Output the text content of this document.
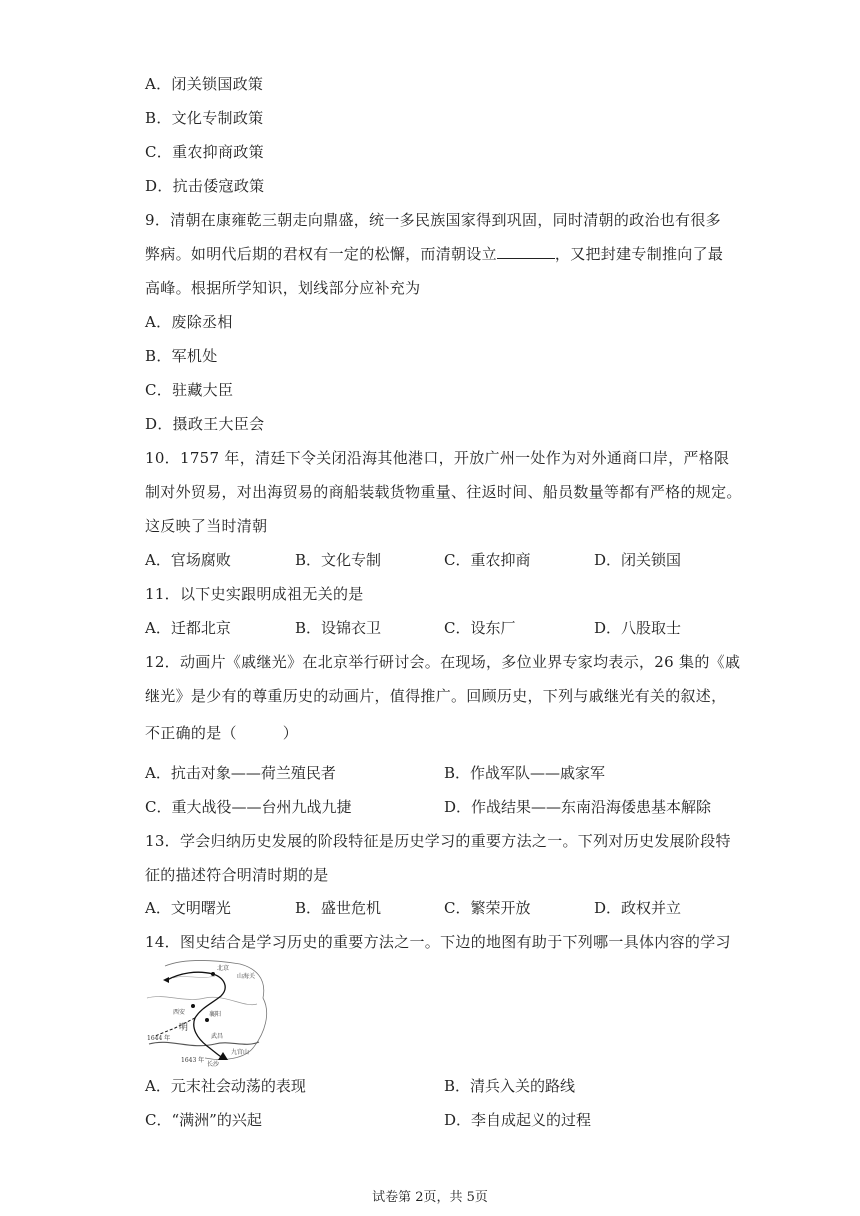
A．闭关锁国政策
B．文化专制政策
C．重农抑商政策
D．抗击倭寇政策
9．清朝在康雍乾三朝走向鼎盛，统一多民族国家得到巩固，同时清朝的政治也有很多
弊病。如明代后期的君权有一定的松懈，而清朝设立	，又把封建专制推向了最
高峰。根据所学知识，划线部分应补充为
A．废除丞相
B．军机处
C．驻藏大臣
D．摄政王大臣会
10．1757 年，清廷下令关闭沿海其他港口，开放广州一处作为对外通商口岸，严格限
制对外贸易，对出海贸易的商船装载货物重量、往返时间、船员数量等都有严格的规定。
这反映了当时清朝
A．官场腐败	B．文化专制	C．重农抑商	D．闭关锁国
11．以下史实跟明成祖无关的是
A．迁都北京	B．设锦衣卫	C．设东厂	D．八股取士
12．动画片《戚继光》在北京举行研讨会。在现场，多位业界专家均表示，26 集的《戚
继光》是少有的尊重历史的动画片，值得推广。回顾历史，下列与戚继光有关的叙述，
不正确的是（　　　）
A．抗击对象——荷兰殖民者	B．作战军队——戚家军
C．重大战役——台州九战九捷	D．作战结果——东南沿海倭患基本解除
13．学会归纳历史发展的阶段特征是历史学习的重要方法之一。下列对历史发展阶段特
征的描述符合明清时期的是
A．文明曙光	B．盛世危机	C．繁荣开放	D．政权并立
14．图史结合是学习历史的重要方法之一。下边的地图有助于下列哪一具体内容的学习
北京
西安	襄阳
武昌
明
1644 年
1643 年
长沙
九宫山
山海关
A．元末社会动荡的表现	B．清兵入关的路线
C．“满洲”的兴起	D．李自成起义的过程
试卷第 2页，共 5页
